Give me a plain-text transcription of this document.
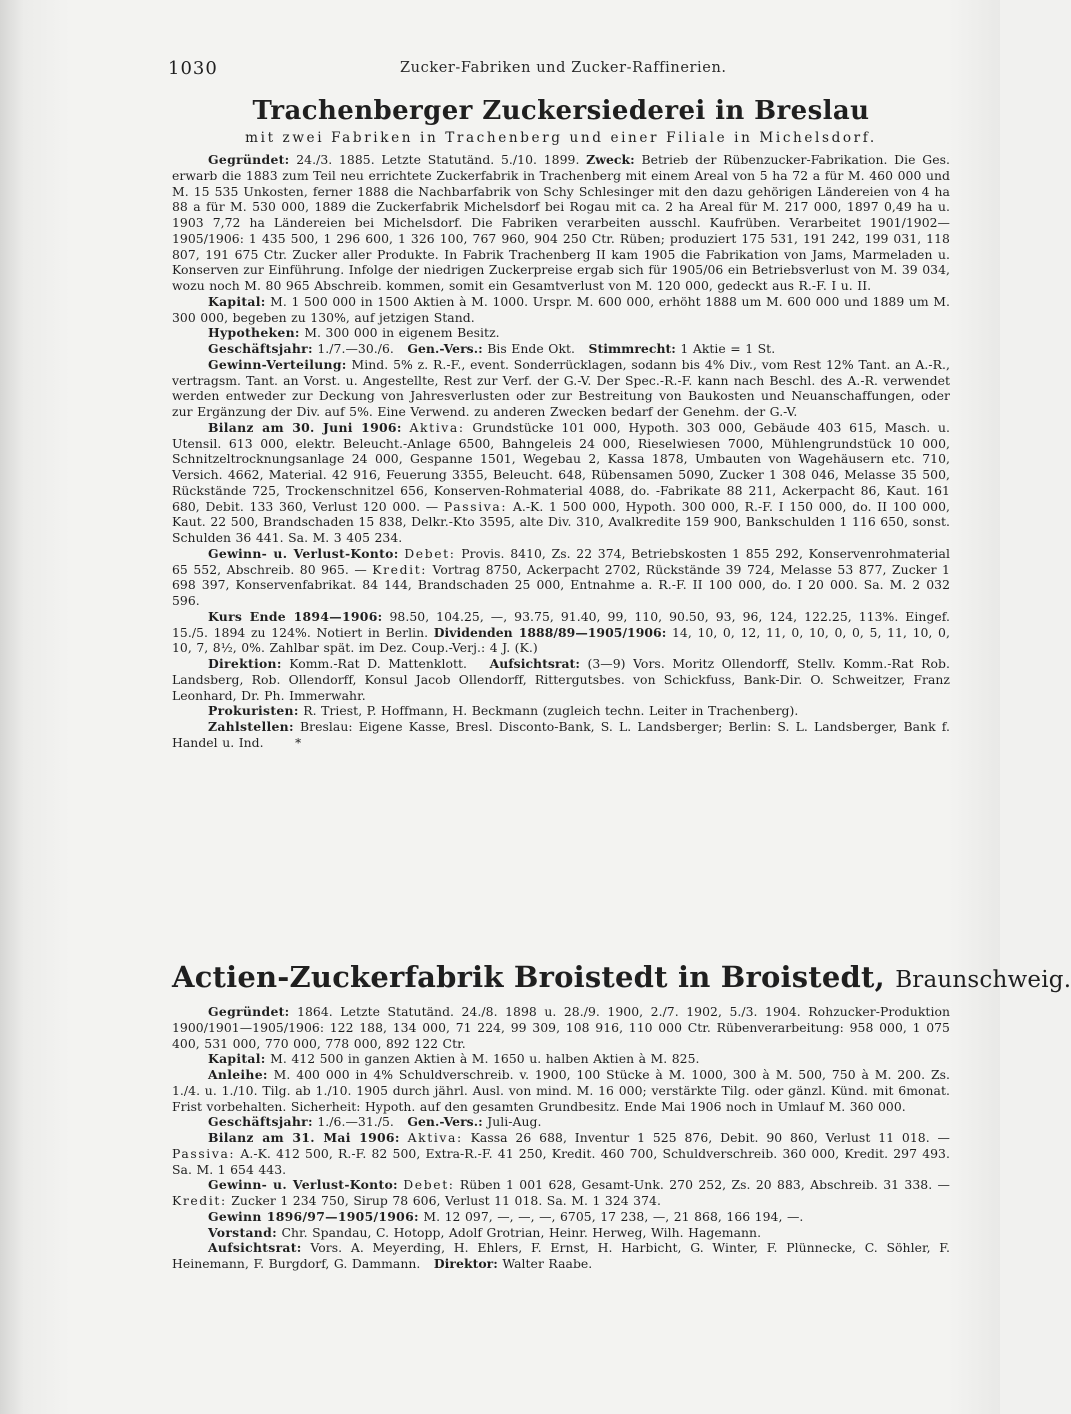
1030	Zucker-Fabriken und Zucker-Raffinerien.
Trachenberger Zuckersiederei in Breslau
mit zwei Fabriken in Trachenberg und einer Filiale in Michelsdorf.

Gegründet: 24./3. 1885. Letzte Statutänd. 5./10. 1899. Zweck: Betrieb der Rübenzucker-Fabrikation. Die Ges. erwarb die 1883 zum Teil neu errichtete Zuckerfabrik in Trachenberg mit einem Areal von 5 ha 72 a für M. 460 000 und M. 15 535 Unkosten, ferner 1888 die Nachbarfabrik von Schy Schlesinger mit den dazu gehörigen Ländereien von 4 ha 88 a für M. 530 000, 1889 die Zuckerfabrik Michelsdorf bei Rogau mit ca. 2 ha Areal für M. 217 000, 1897 0,49 ha u. 1903 7,72 ha Ländereien bei Michelsdorf. Die Fabriken verarbeiten ausschl. Kaufrüben. Verarbeitet 1901/1902—1905/1906: 1 435 500, 1 296 600, 1 326 100, 767 960, 904 250 Ctr. Rüben; produziert 175 531, 191 242, 199 031, 118 807, 191 675 Ctr. Zucker aller Produkte. In Fabrik Trachenberg II kam 1905 die Fabrikation von Jams, Marmeladen u. Konserven zur Einführung. Infolge der niedrigen Zuckerpreise ergab sich für 1905/06 ein Betriebsverlust von M. 39 034, wozu noch M. 80 965 Abschreib. kommen, somit ein Gesamtverlust von M. 120 000, gedeckt aus R.-F. I u. II.

Kapital: M. 1 500 000 in 1500 Aktien à M. 1000. Urspr. M. 600 000, erhöht 1888 um M. 600 000 und 1889 um M. 300 000, begeben zu 130%, auf jetzigen Stand.

Hypotheken: M. 300 000 in eigenem Besitz.

Geschäftsjahr: 1./7.—30./6. Gen.-Vers.: Bis Ende Okt. Stimmrecht: 1 Aktie = 1 St.

Gewinn-Verteilung: Mind. 5% z. R.-F., event. Sonderrücklagen, sodann bis 4% Div., vom Rest 12% Tant. an A.-R., vertragsm. Tant. an Vorst. u. Angestellte, Rest zur Verf. der G.-V. Der Spec.-R.-F. kann nach Beschl. des A.-R. verwendet werden entweder zur Deckung von Jahresverlusten oder zur Bestreitung von Baukosten und Neuanschaffungen, oder zur Ergänzung der Div. auf 5%. Eine Verwend. zu anderen Zwecken bedarf der Genehm. der G.-V.

Bilanz am 30. Juni 1906: Aktiva: Grundstücke 101 000, Hypoth. 303 000, Gebäude 403 615, Masch. u. Utensil. 613 000, elektr. Beleucht.-Anlage 6500, Bahngeleis 24 000, Rieselwiesen 7000, Mühlengrundstück 10 000, Schnitzeltrocknungsanlage 24 000, Gespanne 1501, Wegebau 2, Kassa 1878, Umbauten von Wagehäusern etc. 710, Versich. 4662, Material. 42 916, Feuerung 3355, Beleucht. 648, Rübensamen 5090, Zucker 1 308 046, Melasse 35 500, Rückstände 725, Trockenschnitzel 656, Konserven-Rohmaterial 4088, do. -Fabrikate 88 211, Ackerpacht 86, Kaut. 161 680, Debit. 133 360, Verlust 120 000. — Passiva: A.-K. 1 500 000, Hypoth. 300 000, R.-F. I 150 000, do. II 100 000, Kaut. 22 500, Brandschaden 15 838, Delkr.-Kto 3595, alte Div. 310, Avalkredite 159 900, Bankschulden 1 116 650, sonst. Schulden 36 441. Sa. M. 3 405 234.

Gewinn- u. Verlust-Konto: Debet: Provis. 8410, Zs. 22 374, Betriebskosten 1 855 292, Konservenrohmaterial 65 552, Abschreib. 80 965. — Kredit: Vortrag 8750, Ackerpacht 2702, Rückstände 39 724, Melasse 53 877, Zucker 1 698 397, Konservenfabrikat. 84 144, Brandschaden 25 000, Entnahme a. R.-F. II 100 000, do. I 20 000. Sa. M. 2 032 596.

Kurs Ende 1894—1906: 98.50, 104.25, —, 93.75, 91.40, 99, 110, 90.50, 93, 96, 124, 122.25, 113%. Eingef. 15./5. 1894 zu 124%. Notiert in Berlin. Dividenden 1888/89—1905/1906: 14, 10, 0, 12, 11, 0, 10, 0, 0, 5, 11, 10, 0, 10, 7, 8½, 0%. Zahlbar spät. im Dez. Coup.-Verj.: 4 J. (K.)

Direktion: Komm.-Rat D. Mattenklott. Aufsichtsrat: (3—9) Vors. Moritz Ollendorff, Stellv. Komm.-Rat Rob. Landsberg, Rob. Ollendorff, Konsul Jacob Ollendorff, Rittergutsbes. von Schickfuss, Bank-Dir. O. Schweitzer, Franz Leonhard, Dr. Ph. Immerwahr.

Prokuristen: R. Triest, P. Hoffmann, H. Beckmann (zugleich techn. Leiter in Trachenberg).

Zahlstellen: Breslau: Eigene Kasse, Bresl. Disconto-Bank, S. L. Landsberger; Berlin: S. L. Landsberger, Bank f. Handel u. Ind.	*

Actien-Zuckerfabrik Broistedt in Broistedt, Braunschweig.

Gegründet: 1864. Letzte Statutänd. 24./8. 1898 u. 28./9. 1900, 2./7. 1902, 5./3. 1904. Rohzucker-Produktion 1900/1901—1905/1906: 122 188, 134 000, 71 224, 99 309, 108 916, 110 000 Ctr. Rübenverarbeitung: 958 000, 1 075 400, 531 000, 770 000, 778 000, 892 122 Ctr.

Kapital: M. 412 500 in ganzen Aktien à M. 1650 u. halben Aktien à M. 825.

Anleihe: M. 400 000 in 4% Schuldverschreib. v. 1900, 100 Stücke à M. 1000, 300 à M. 500, 750 à M. 200. Zs. 1./4. u. 1./10. Tilg. ab 1./10. 1905 durch jährl. Ausl. von mind. M. 16 000; verstärkte Tilg. oder gänzl. Künd. mit 6monat. Frist vorbehalten. Sicherheit: Hypoth. auf den gesamten Grundbesitz. Ende Mai 1906 noch in Umlauf M. 360 000.

Geschäftsjahr: 1./6.—31./5. Gen.-Vers.: Juli-Aug.

Bilanz am 31. Mai 1906: Aktiva: Kassa 26 688, Inventur 1 525 876, Debit. 90 860, Verlust 11 018. — Passiva: A.-K. 412 500, R.-F. 82 500, Extra-R.-F. 41 250, Kredit. 460 700, Schuldverschreib. 360 000, Kredit. 297 493. Sa. M. 1 654 443.

Gewinn- u. Verlust-Konto: Debet: Rüben 1 001 628, Gesamt-Unk. 270 252, Zs. 20 883, Abschreib. 31 338. — Kredit: Zucker 1 234 750, Sirup 78 606, Verlust 11 018. Sa. M. 1 324 374.

Gewinn 1896/97—1905/1906: M. 12 097, —, —, —, 6705, 17 238, —, 21 868, 166 194, —.

Vorstand: Chr. Spandau, C. Hotopp, Adolf Grotrian, Heinr. Herweg, Wilh. Hagemann.

Aufsichtsrat: Vors. A. Meyerding, H. Ehlers, F. Ernst, H. Harbicht, G. Winter, F. Plünnecke, C. Söhler, F. Heinemann, F. Burgdorf, G. Dammann. Direktor: Walter Raabe.
